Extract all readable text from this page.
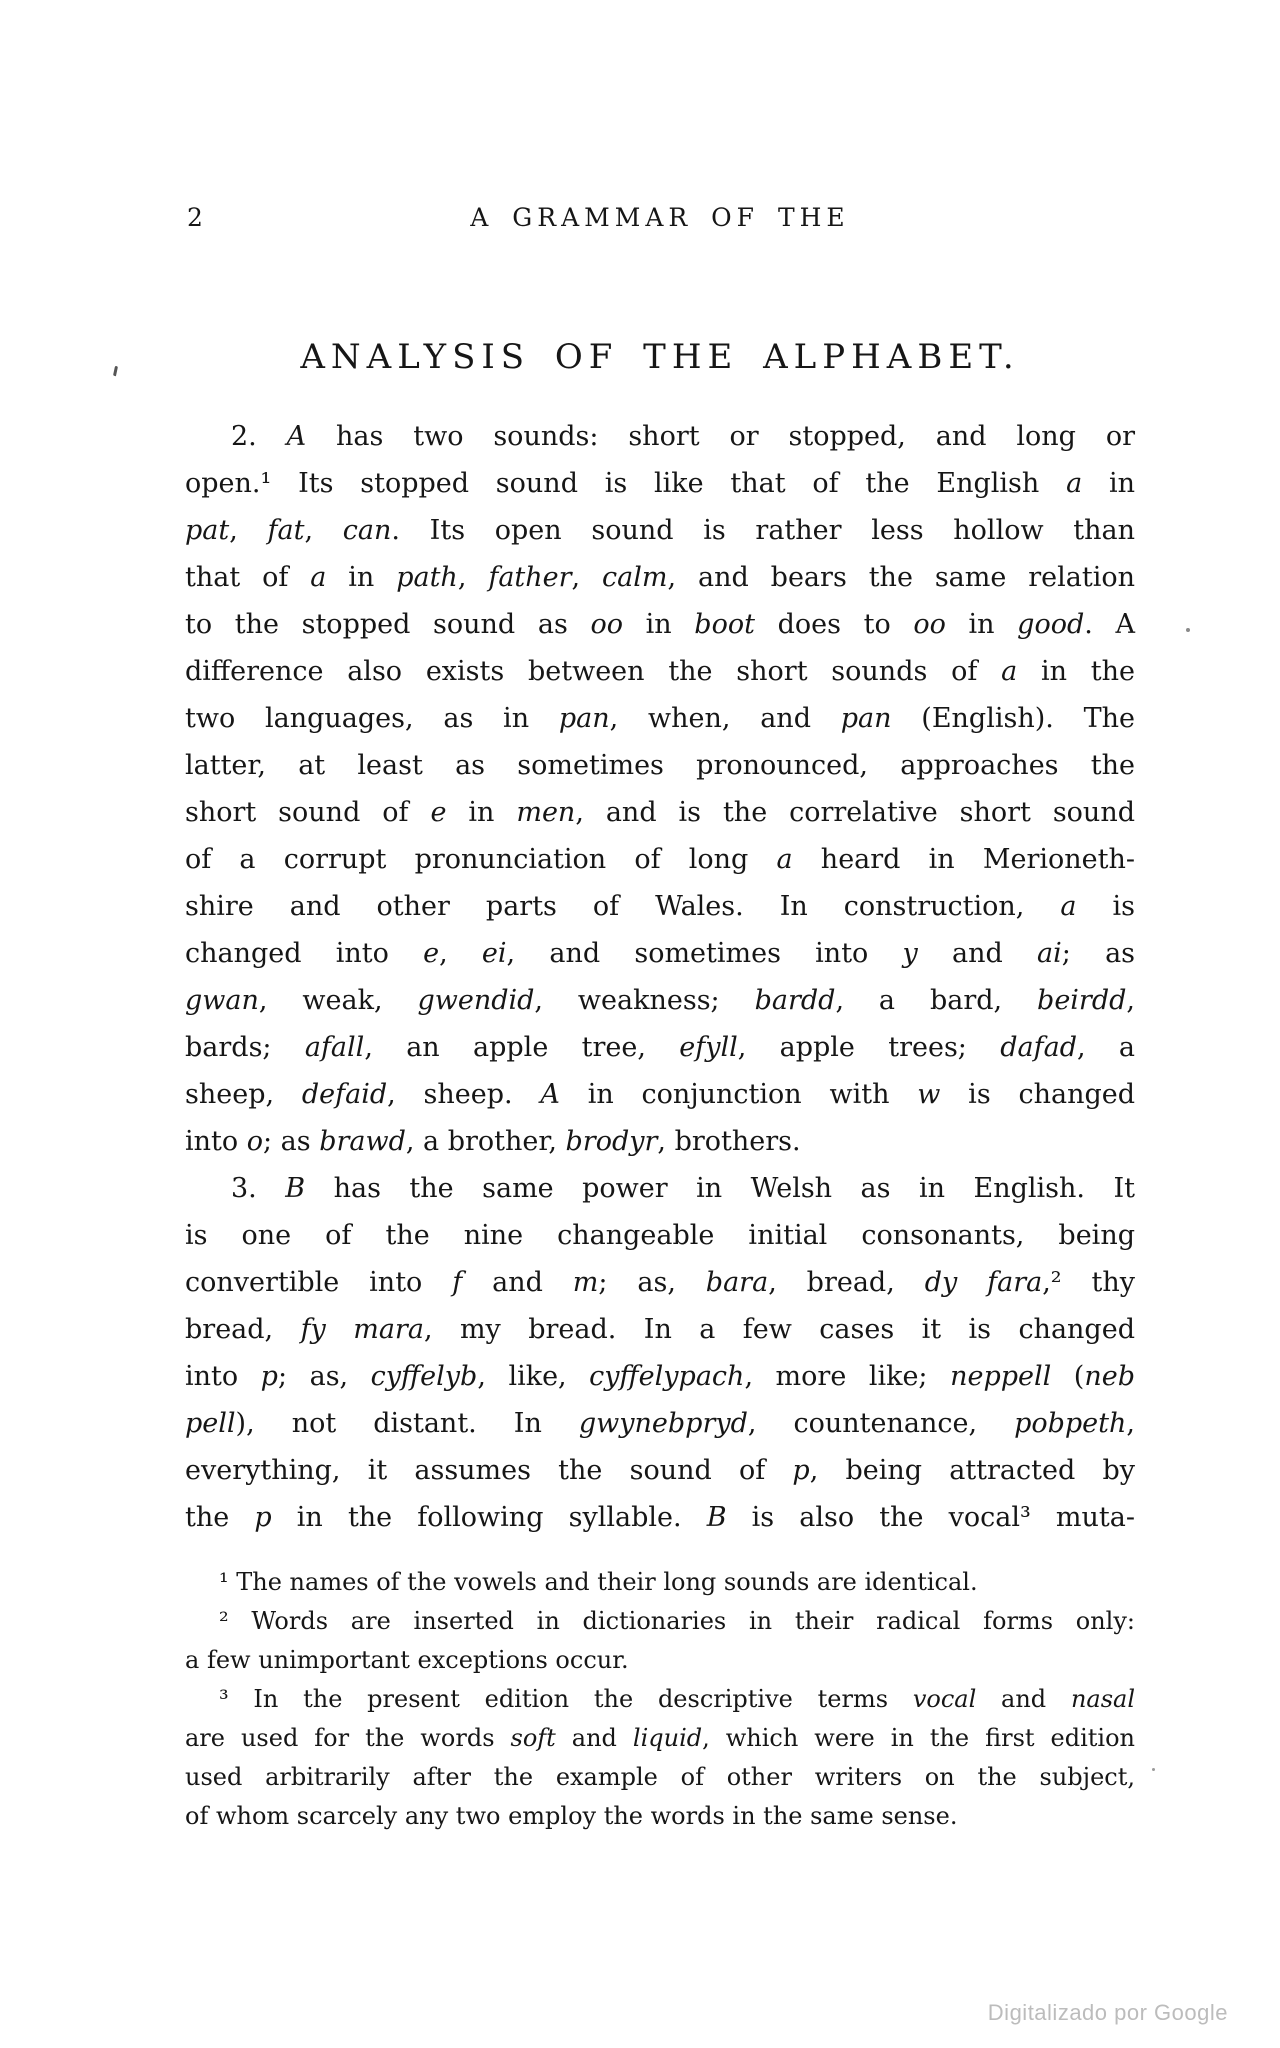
2	A GRAMMAR OF THE
ANALYSIS OF THE ALPHABET.
2. A has two sounds: short or stopped, and long or
open.¹ Its stopped sound is like that of the English a in
pat, fat, can. Its open sound is rather less hollow than
that of a in path, father, calm, and bears the same relation
to the stopped sound as oo in boot does to oo in good. A
difference also exists between the short sounds of a in the
two languages, as in pan, when, and pan (English). The
latter, at least as sometimes pronounced, approaches the
short sound of e in men, and is the correlative short sound
of a corrupt pronunciation of long a heard in Merioneth-
shire and other parts of Wales. In construction, a is
changed into e, ei, and sometimes into y and ai; as
gwan, weak, gwendid, weakness; bardd, a bard, beirdd,
bards; afall, an apple tree, efyll, apple trees; dafad, a
sheep, defaid, sheep. A in conjunction with w is changed
into o; as brawd, a brother, brodyr, brothers.
3. B has the same power in Welsh as in English. It
is one of the nine changeable initial consonants, being
convertible into f and m; as, bara, bread, dy fara,² thy
bread, fy mara, my bread. In a few cases it is changed
into p; as, cyffelyb, like, cyffelypach, more like; neppell (neb
pell), not distant. In gwynebpryd, countenance, pobpeth,
everything, it assumes the sound of p, being attracted by
the p in the following syllable. B is also the vocal³ muta-
¹ The names of the vowels and their long sounds are identical.
² Words are inserted in dictionaries in their radical forms only:
a few unimportant exceptions occur.
³ In the present edition the descriptive terms vocal and nasal
are used for the words soft and liquid, which were in the first edition
used arbitrarily after the example of other writers on the subject,
of whom scarcely any two employ the words in the same sense.
Digitalizado por Google
